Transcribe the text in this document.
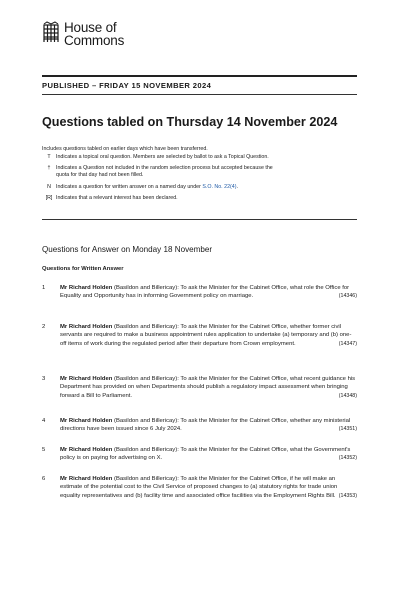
House of
Commons
PUBLISHED – FRIDAY 15 NOVEMBER 2024
Questions tabled on Thursday 14 November 2024
Includes questions tabled on earlier days which have been transferred.
T	Indicates a topical oral question. Members are selected by ballot to ask a Topical Question.
†	Indicates a Question not included in the random selection process but accepted because the quota for that day had not been filled.
N Indicates a question for written answer on a named day under S.O. No. 22(4).
[R] Indicates that a relevant interest has been declared.
Questions for Answer on Monday 18 November
Questions for Written Answer
1 Mr Richard Holden (Basildon and Billericay): To ask the Minister for the Cabinet Office, what role the Office for Equality and Opportunity has in informing Government policy on marriage.	(14346)
2 Mr Richard Holden (Basildon and Billericay): To ask the Minister for the Cabinet Office, whether former civil servants are required to make a business appointment rules application to undertake (a) temporary and (b) one-off items of work during the regulated period after their departure from Crown employment.	(14347)
3 Mr Richard Holden (Basildon and Billericay): To ask the Minister for the Cabinet Office, what recent guidance his Department has provided on when Departments should publish a regulatory impact assessment when bringing forward a Bill to Parliament.	(14348)
4 Mr Richard Holden (Basildon and Billericay): To ask the Minister for the Cabinet Office, whether any ministerial directions have been issued since 6 July 2024.	(14351)
5 Mr Richard Holden (Basildon and Billericay): To ask the Minister for the Cabinet Office, what the Government's policy is on paying for advertising on X.	(14352)
6 Mr Richard Holden (Basildon and Billericay): To ask the Minister for the Cabinet Office, if he will make an estimate of the potential cost to the Civil Service of proposed changes to (a) statutory rights for trade union equality representatives and (b) facility time and associated office facilities via the Employment Rights Bill. (14353)
